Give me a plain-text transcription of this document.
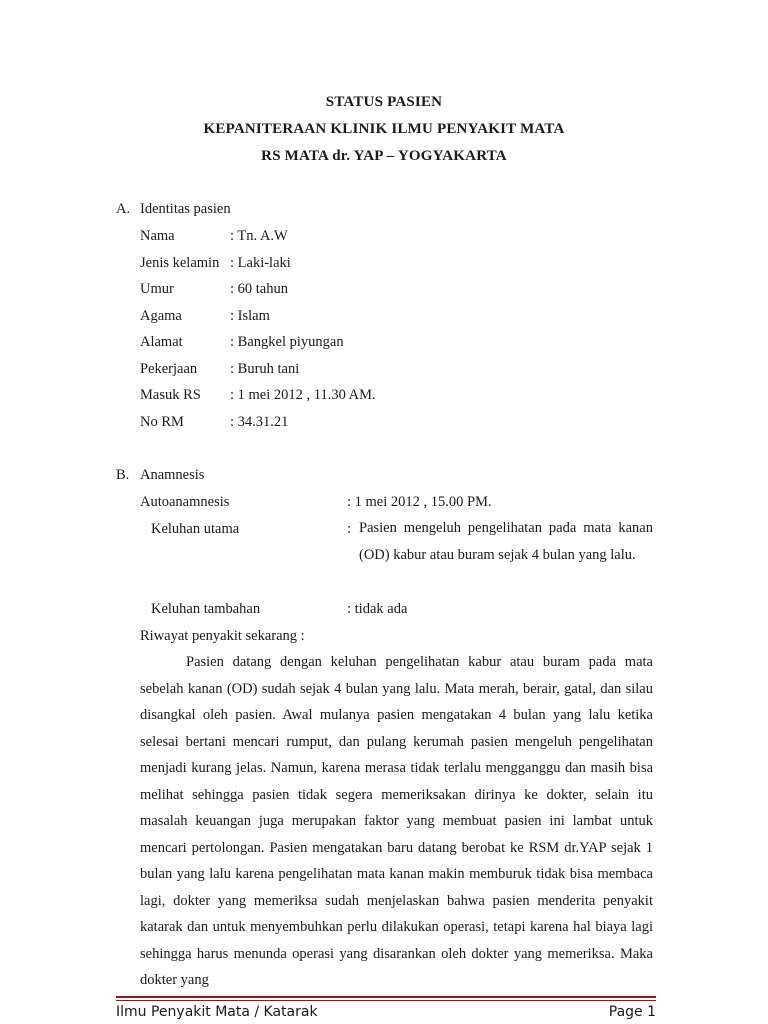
STATUS PASIEN
KEPANITERAAN KLINIK ILMU PENYAKIT MATA
RS MATA dr. YAP – YOGYAKARTA
A. Identitas pasien
Nama	: Tn. A.W
Jenis kelamin : Laki-laki
Umur	: 60 tahun
Agama	: Islam
Alamat	: Bangkel piyungan
Pekerjaan : Buruh tani
Masuk RS : 1 mei 2012 , 11.30 AM.
No RM	: 34.31.21
B. Anamnesis
Autoanamnesis	: 1 mei 2012 , 15.00 PM.
Keluhan utama	: Pasien mengeluh pengelihatan pada mata kanan (OD) kabur atau buram sejak 4 bulan yang lalu.
Keluhan tambahan	: tidak ada
Riwayat penyakit sekarang :
Pasien datang dengan keluhan pengelihatan kabur atau buram pada mata sebelah kanan (OD) sudah sejak 4 bulan yang lalu. Mata merah, berair, gatal, dan silau disangkal oleh pasien. Awal mulanya pasien mengatakan 4 bulan yang lalu ketika selesai bertani mencari rumput, dan pulang kerumah pasien mengeluh pengelihatan menjadi kurang jelas. Namun, karena merasa tidak terlalu mengganggu dan masih bisa melihat sehingga pasien tidak segera memeriksakan dirinya ke dokter, selain itu masalah keuangan juga merupakan faktor yang membuat pasien ini lambat untuk mencari pertolongan. Pasien mengatakan baru datang berobat ke RSM dr.YAP sejak 1 bulan yang lalu karena pengelihatan mata kanan makin memburuk tidak bisa membaca lagi, dokter yang memeriksa sudah menjelaskan bahwa pasien menderita penyakit katarak dan untuk menyembuhkan perlu dilakukan operasi, tetapi karena hal biaya lagi sehingga harus menunda operasi yang disarankan oleh dokter yang memeriksa. Maka dokter yang
Ilmu Penyakit Mata / Katarak	Page 1
